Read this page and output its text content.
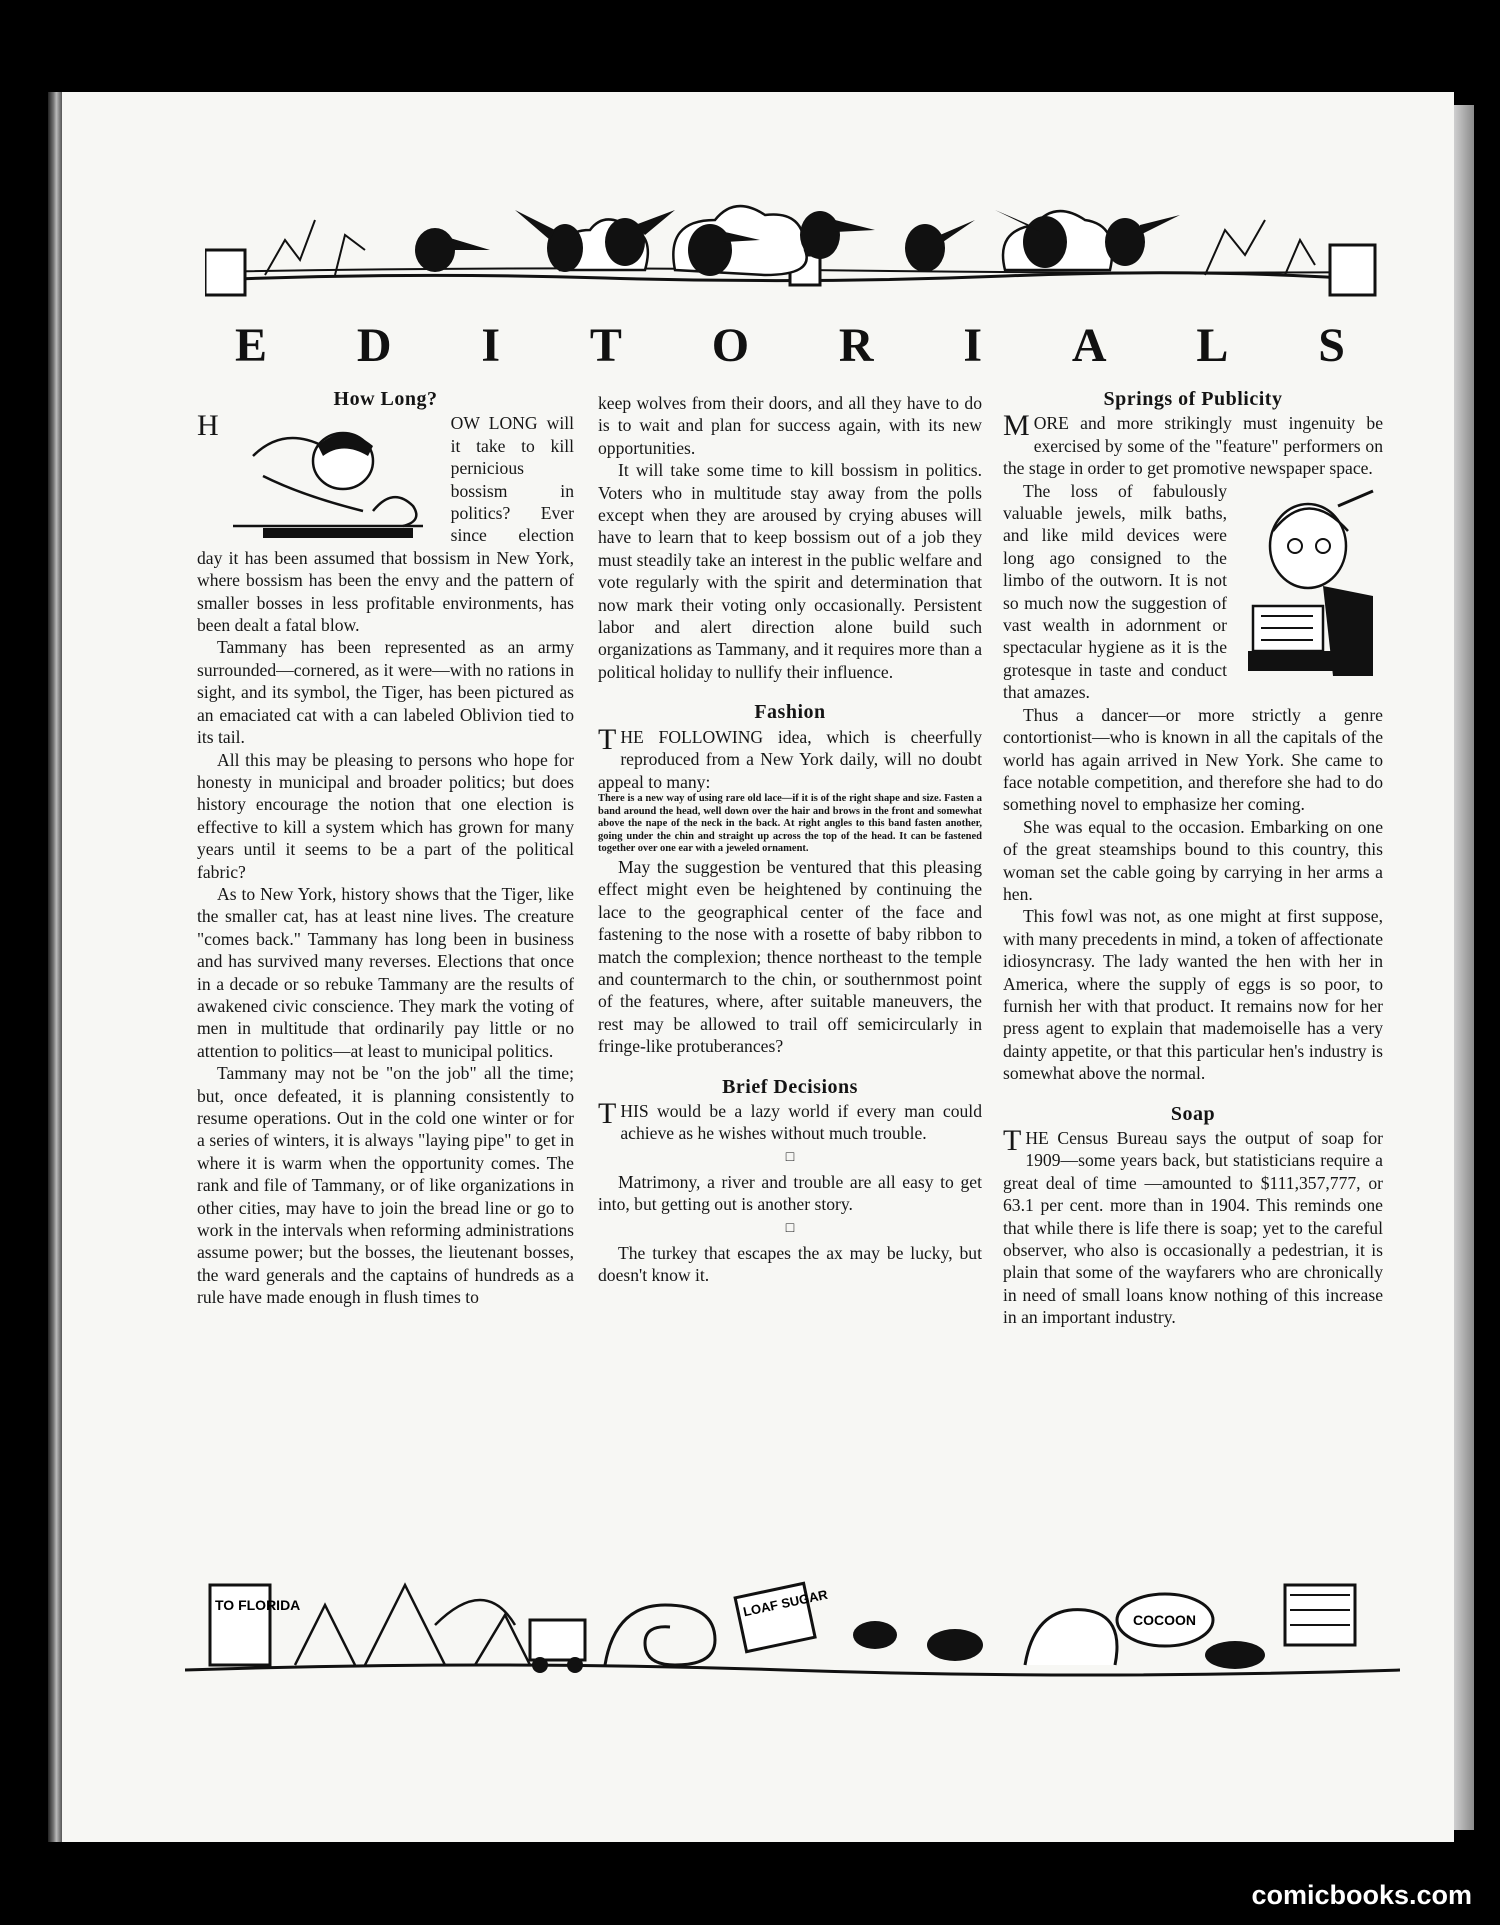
E D I T O R I A L S
How Long?

H	OW LONG will it take to kill pernicious bossism in politics? Ever since election day it has been assumed that bossism in New York, where bossism has been the envy and the pattern of smaller bosses in less profitable environments, has been dealt a fatal blow.

Tammany has been represented as an army surrounded—cornered, as it were—with no rations in sight, and its symbol, the Tiger, has been pictured as an emaciated cat with a can labeled Oblivion tied to its tail.

All this may be pleasing to persons who hope for honesty in municipal and broader politics; but does history encourage the notion that one election is effective to kill a system which has grown for many years until it seems to be a part of the political fabric?

As to New York, history shows that the Tiger, like the smaller cat, has at least nine lives. The creature "comes back." Tammany has long been in business and has survived many reverses. Elections that once in a decade or so rebuke Tammany are the results of awakened civic conscience. They mark the voting of men in multitude that ordinarily pay little or no attention to politics—at least to municipal politics.

Tammany may not be "on the job" all the time; but, once defeated, it is planning consistently to resume operations. Out in the cold one winter or for a series of winters, it is always "laying pipe" to get in where it is warm when the opportunity comes. The rank and file of Tammany, or of like organizations in other cities, may have to join the bread line or go to work in the intervals when reforming administrations assume power; but the bosses, the lieutenant bosses, the ward generals and the captains of hundreds as a rule have made enough in flush times to

keep wolves from their doors, and all they have to do is to wait and plan for success again, with its new opportunities.

It will take some time to kill bossism in politics. Voters who in multitude stay away from the polls except when they are aroused by crying abuses will have to learn that to keep bossism out of a job they must steadily take an interest in the public welfare and vote regularly with the spirit and determination that now mark their voting only occasionally. Persistent labor and alert direction alone build such organizations as Tammany, and it requires more than a political holiday to nullify their influence.

Fashion

T HE FOLLOWING idea, which is cheerfully reproduced from a New York daily, will no doubt appeal to many:

There is a new way of using rare old lace—if it is of the right shape and size. Fasten a band around the head, well down over the hair and brows in the front and somewhat above the nape of the neck in the back. At right angles to this band fasten another, going under the chin and straight up across the top of the head. It can be fastened together over one ear with a jeweled ornament.

May the suggestion be ventured that this pleasing effect might even be heightened by continuing the lace to the geographical center of the face and fastening to the nose with a rosette of baby ribbon to match the complexion; thence northeast to the temple and countermarch to the chin, or southernmost point of the features, where, after suitable maneuvers, the rest may be allowed to trail off semicircularly in fringe-like protuberances?

Brief Decisions

T HIS would be a lazy world if every man could achieve as he wishes without much trouble.

□

Matrimony, a river and trouble are all easy to get into, but getting out is another story.

□

The turkey that escapes the ax may be lucky, but doesn't know it.

Springs of Publicity

M ORE and more strikingly must ingenuity be exercised by some of the "feature" performers on the stage in order to get promotive newspaper space.

The loss of fabulously valuable jewels, milk baths, and like mild devices were long ago consigned to the limbo of the outworn. It is not so much now the suggestion of vast wealth in adornment or spectacular hygiene as it is the grotesque in taste and conduct that amazes.

Thus a dancer—or more strictly a genre contortionist—who is known in all the capitals of the world has again arrived in New York. She came to face notable competition, and therefore she had to do something novel to emphasize her coming.

She was equal to the occasion. Embarking on one of the great steamships bound to this country, this woman set the cable going by carrying in her arms a hen.

This fowl was not, as one might at first suppose, with many precedents in mind, a token of affectionate idiosyncrasy. The lady wanted the hen with her in America, where the supply of eggs is so poor, to furnish her with that product. It remains now for her press agent to explain that mademoiselle has a very dainty appetite, or that this particular hen's industry is somewhat above the normal.

Soap

T HE Census Bureau says the output of soap for 1909—some years back, but statisticians require a great deal of time —amounted to $111,357,777, or 63.1 per cent. more than in 1904. This reminds one that while there is life there is soap; yet to the careful observer, who also is occasionally a pedestrian, it is plain that some of the wayfarers who are chronically in need of small loans know nothing of this increase in an important industry.

TO FLORIDA	LOAF SUGAR
COCOON
comicbooks.com
